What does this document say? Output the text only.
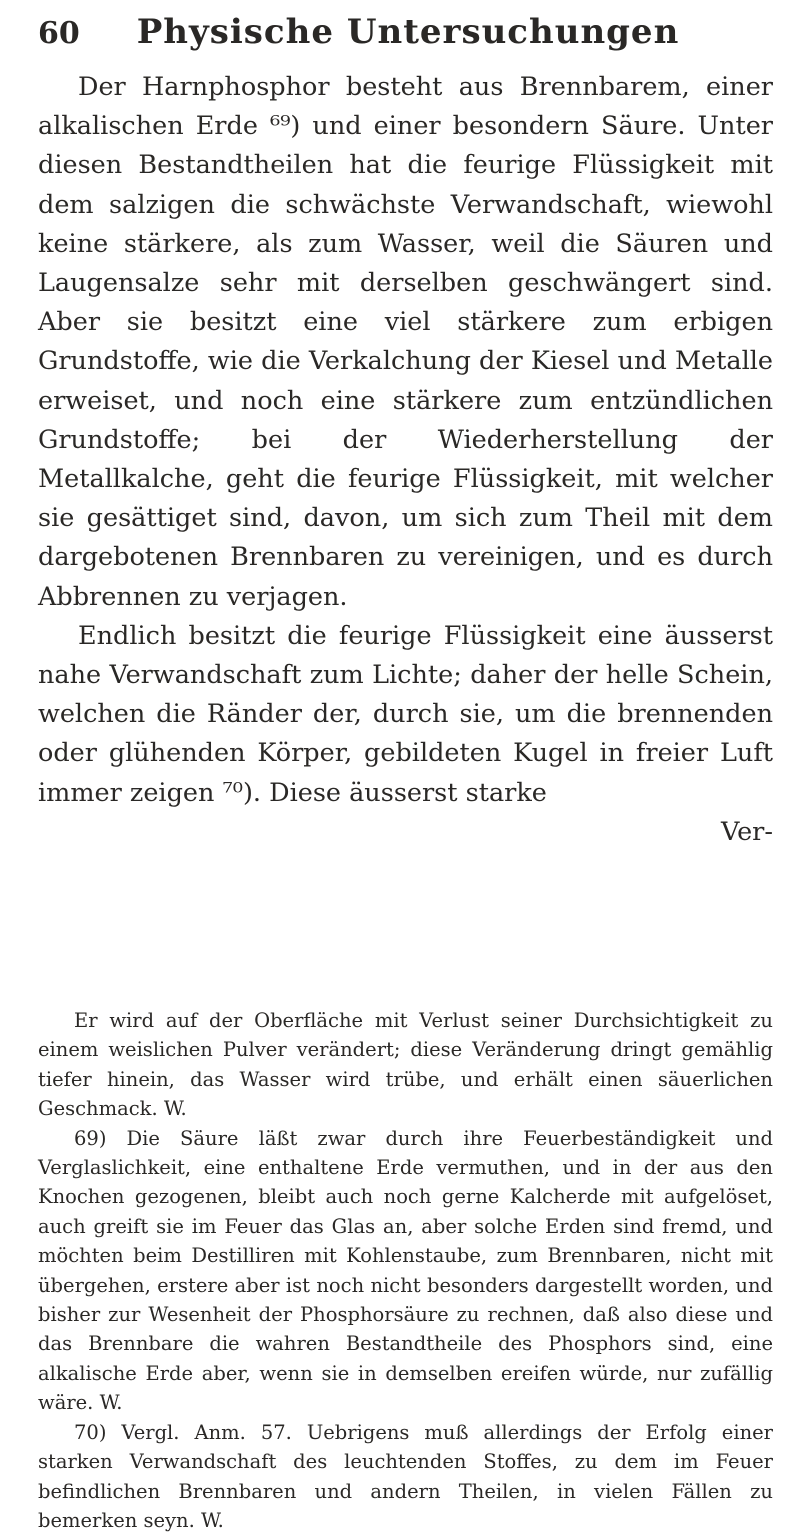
60	Physische Untersuchungen

Der Harnphosphor besteht aus Brennbarem, einer alkalischen Erde ⁶⁹) und einer besondern Säure. Unter diesen Bestandtheilen hat die feurige Flüssigkeit mit dem salzigen die schwächste Verwandschaft, wiewohl keine stärkere, als zum Wasser, weil die Säuren und Laugensalze sehr mit derselben geschwängert sind. Aber sie besitzt eine viel stärkere zum erbigen Grundstoffe, wie die Verkalchung der Kiesel und Metalle erweiset, und noch eine stärkere zum entzündlichen Grundstoffe; bei der Wiederherstellung der Metallkalche, geht die feurige Flüssigkeit, mit welcher sie gesättiget sind, davon, um sich zum Theil mit dem dargebotenen Brennbaren zu vereinigen, und es durch Abbrennen zu verjagen.

Endlich besitzt die feurige Flüssigkeit eine äusserst nahe Verwandschaft zum Lichte; daher der helle Schein, welchen die Ränder der, durch sie, um die brennenden oder glühenden Körper, gebildeten Kugel in freier Luft immer zeigen ⁷⁰). Diese äusserst starke

Ver-

Er wird auf der Oberfläche mit Verlust seiner Durchsichtigkeit zu einem weislichen Pulver verändert; diese Veränderung dringt gemählig tiefer hinein, das Wasser wird trübe, und erhält einen säuerlichen Geschmack. W.

69) Die Säure läßt zwar durch ihre Feuerbeständigkeit und Verglaslichkeit, eine enthaltene Erde vermuthen, und in der aus den Knochen gezogenen, bleibt auch noch gerne Kalcherde mit aufgelöset, auch greift sie im Feuer das Glas an, aber solche Erden sind fremd, und möchten beim Destilliren mit Kohlenstaube, zum Brennbaren, nicht mit übergehen, erstere aber ist noch nicht besonders dargestellt worden, und bisher zur Wesenheit der Phosphorsäure zu rechnen, daß also diese und das Brennbare die wahren Bestandtheile des Phosphors sind, eine alkalische Erde aber, wenn sie in demselben ereifen würde, nur zufällig wäre. W.

70) Vergl. Anm. 57. Uebrigens muß allerdings der Erfolg einer starken Verwandschaft des leuchtenden Stoffes, zu dem im Feuer befindlichen Brennbaren und andern Theilen, in vielen Fällen zu bemerken seyn. W.
